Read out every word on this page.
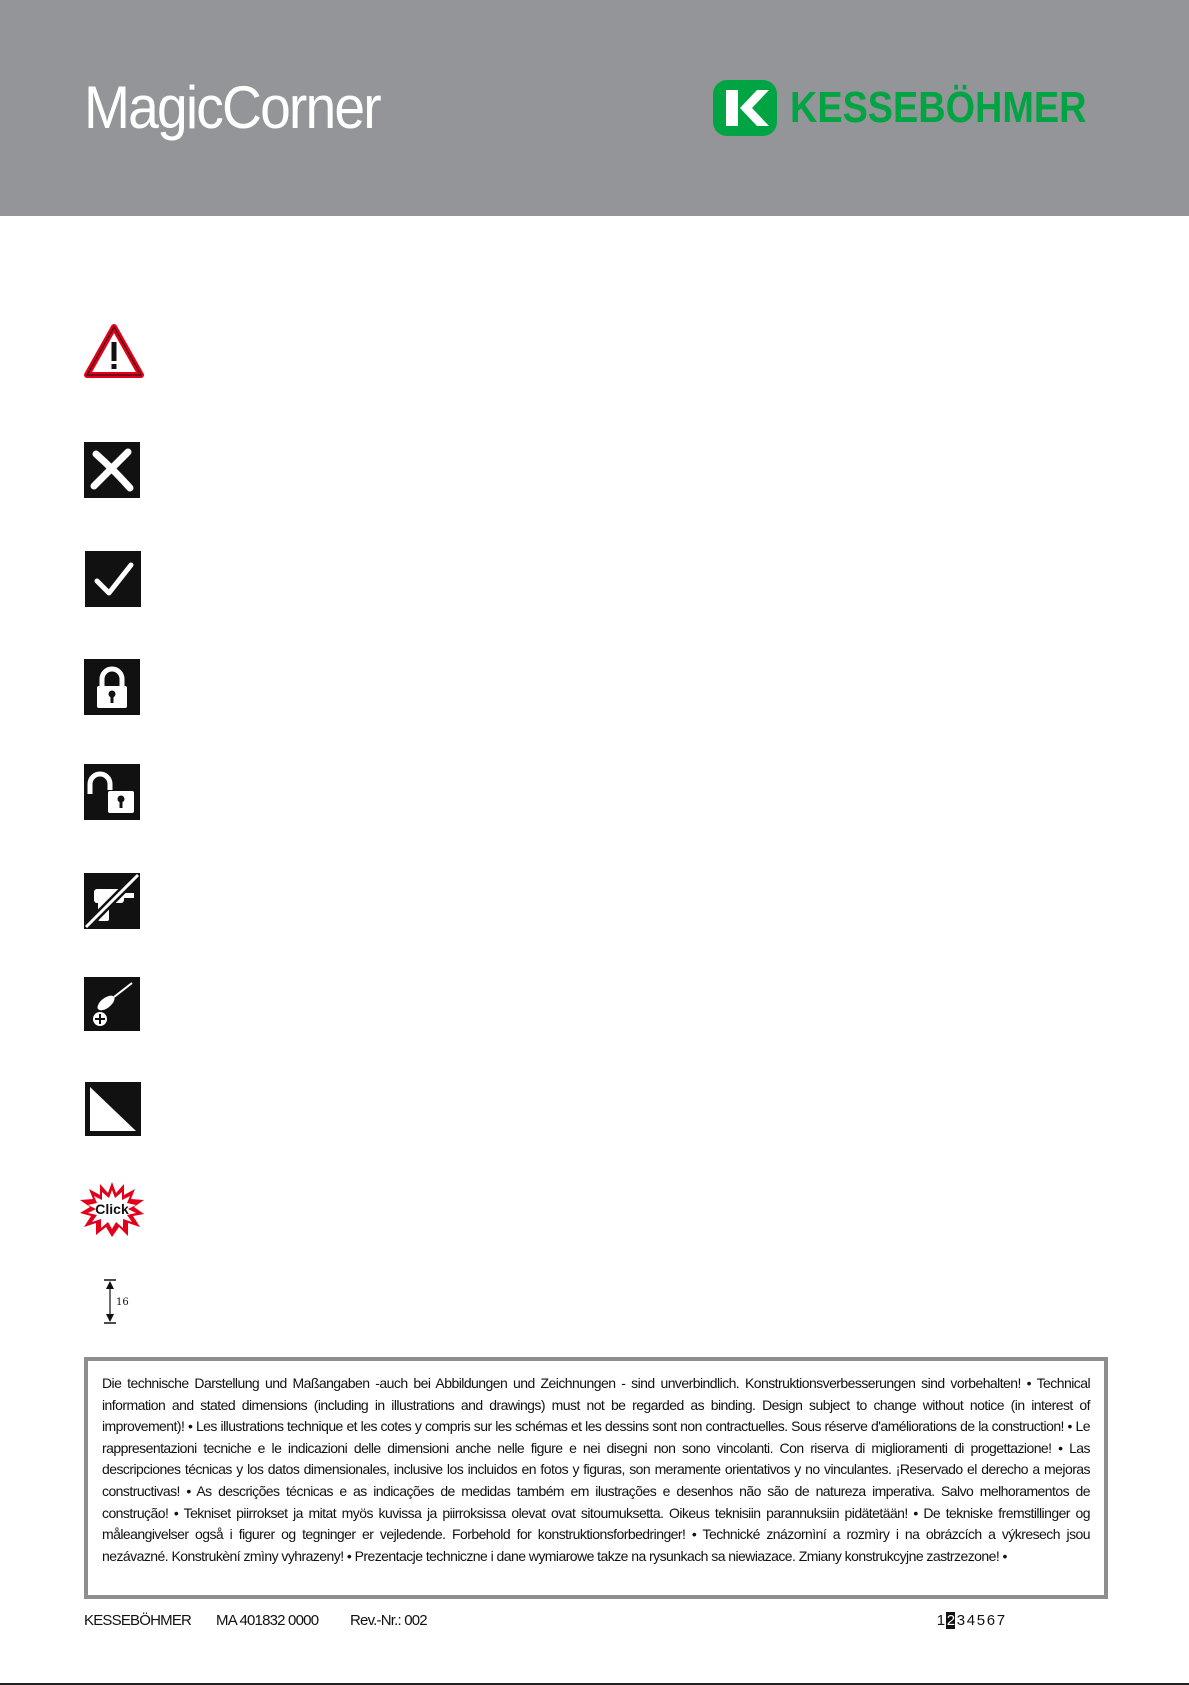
MagicCorner	KESSEBÖHMER
Click
16
Die technische Darstellung und Maßangaben -auch bei Abbildungen und Zeichnungen - sind unverbindlich. Konstruktionsverbesserungen sind vorbehalten! • Technical information and stated dimensions (including in illustrations and drawings) must not be regarded as binding. Design subject to change without notice (in interest of improvement)! • Les illustrations technique et les cotes y compris sur les schémas et les dessins sont non contractuelles. Sous réserve d'améliorations de la construction! • Le rappresentazioni tecniche e le indicazioni delle dimensioni anche nelle figure e nei disegni non sono vincolanti. Con riserva di miglioramenti di progettazione! • Las descripciones técnicas y los datos dimensionales, inclusive los incluidos en fotos y figuras, son meramente orientativos y no vinculantes. ¡Reservado el derecho a mejoras constructivas! • As descrições técnicas e as indicações de medidas também em ilustrações e desenhos não são de natureza imperativa. Salvo melhoramentos de construção! • Tekniset piirrokset ja mitat myös kuvissa ja piirroksissa olevat ovat sitoumuksetta. Oikeus teknisiin parannuksiin pidätetään! • De tekniske fremstillinger og måleangivelser også i figurer og tegninger er vejledende. Forbehold for konstruktionsforbedringer! • Technické znázornìní a rozmìry i na obrázcích a výkresech jsou nezávazné. Konstrukèní zmìny vyhrazeny! • Prezentacje techniczne i dane wymiarowe takze na rysunkach sa niewiazace. Zmiany konstrukcyjne zastrzezone! •
KESSEBÖHMER MA 401832 0000 Rev.-Nr.: 002	1 2 3 4 5 6 7
